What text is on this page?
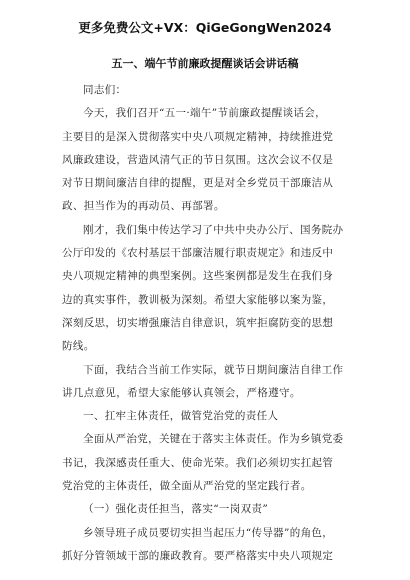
更多免费公文+VX：QiGeGongWen2024
五一、端午节前廉政提醒谈话会讲话稿
同志们：
今天，我们召开“五一·端午”节前廉政提醒谈话会，
主要目的是深入贯彻落实中央八项规定精神，持续推进党
风廉政建设，营造风清气正的节日氛围。这次会议不仅是
对节日期间廉洁自律的提醒，更是对全乡党员干部廉洁从
政、担当作为的再动员、再部署。
刚才，我们集中传达学习了中共中央办公厅、国务院办
公厅印发的《农村基层干部廉洁履行职责规定》和违反中
央八项规定精神的典型案例。这些案例都是发生在我们身
边的真实事件，教训极为深刻。希望大家能够以案为鉴，
深刻反思，切实增强廉洁自律意识，筑牢拒腐防变的思想
防线。
下面，我结合当前工作实际，就节日期间廉洁自律工作
讲几点意见，希望大家能够认真领会，严格遵守。
一、扛牢主体责任，做管党治党的责任人
全面从严治党，关键在于落实主体责任。作为乡镇党委
书记，我深感责任重大、使命光荣。我们必须切实扛起管
党治党的主体责任，做全面从严治党的坚定践行者。
（一）强化责任担当，落实“一岗双责”
乡领导班子成员要切实担当起压力“传导器”的角色，
抓好分管领域干部的廉政教育。要严格落实中央八项规定
